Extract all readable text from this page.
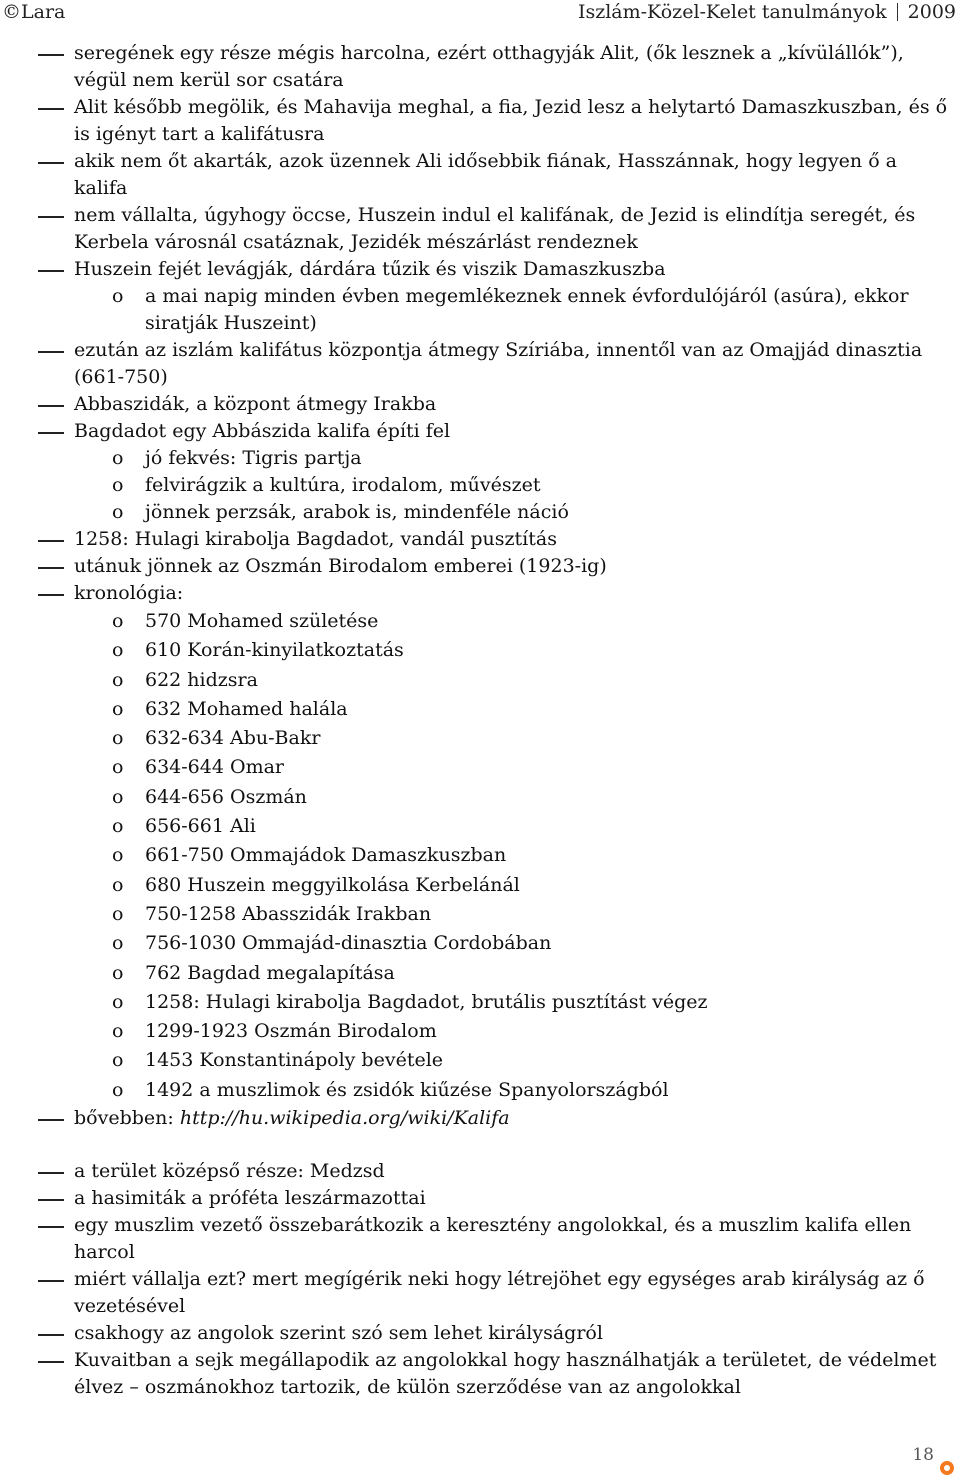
©Lara	Iszlám-Közel-Kelet tanulmányok 2009
seregének egy része mégis harcolna, ezért otthagyják Alit, (ők lesznek a „kívülállók”), végül nem kerül sor csatára
Alit később megölik, és Mahavija meghal, a fia, Jezid lesz a helytartó Damaszkuszban, és ő is igényt tart a kalifátusra
akik nem őt akarták, azok üzennek Ali idősebbik fiának, Hasszánnak, hogy legyen ő a kalifa
nem vállalta, úgyhogy öccse, Huszein indul el kalifának, de Jezid is elindítja seregét, és Kerbela városnál csatáznak, Jezidék mészárlást rendeznek
Huszein fejét levágják, dárdára tűzik és viszik Damaszkuszba
o a mai napig minden évben megemlékeznek ennek évfordulójáról (asúra), ekkor siratják Huszeint)
ezután az iszlám kalifátus központja átmegy Szíriába, innentől van az Omajjád dinasztia (661-750)
Abbaszidák, a központ átmegy Irakba
Bagdadot egy Abbászida kalifa építi fel
o jó fekvés: Tigris partja
o felvirágzik a kultúra, irodalom, művészet
o jönnek perzsák, arabok is, mindenféle náció
1258: Hulagi kirabolja Bagdadot, vandál pusztítás
utánuk jönnek az Oszmán Birodalom emberei (1923-ig)
kronológia:
o 570 Mohamed születése
o 610 Korán-kinyilatkoztatás
o 622 hidzsra
o 632 Mohamed halála
o 632-634 Abu-Bakr
o 634-644 Omar
o 644-656 Oszmán
o 656-661 Ali
o 661-750 Ommajádok Damaszkuszban
o 680 Huszein meggyilkolása Kerbelánál
o 750-1258 Abasszidák Irakban
o 756-1030 Ommajád-dinasztia Cordobában
o 762 Bagdad megalapítása
o 1258: Hulagi kirabolja Bagdadot, brutális pusztítást végez
o 1299-1923 Oszmán Birodalom
o 1453 Konstantinápoly bevétele
o 1492 a muszlimok és zsidók kiűzése Spanyolországból
bővebben: http://hu.wikipedia.org/wiki/Kalifa
a terület középső része: Medzsd
a hasimiták a próféta leszármazottai
egy muszlim vezető összebarátkozik a keresztény angolokkal, és a muszlim kalifa ellen harcol
miért vállalja ezt? mert megígérik neki hogy létrejöhet egy egységes arab királyság az ő vezetésével
csakhogy az angolok szerint szó sem lehet királyságról
Kuvaitban a sejk megállapodik az angolokkal hogy használhatják a területet, de védelmet élvez – oszmánokhoz tartozik, de külön szerződése van az angolokkal
18
